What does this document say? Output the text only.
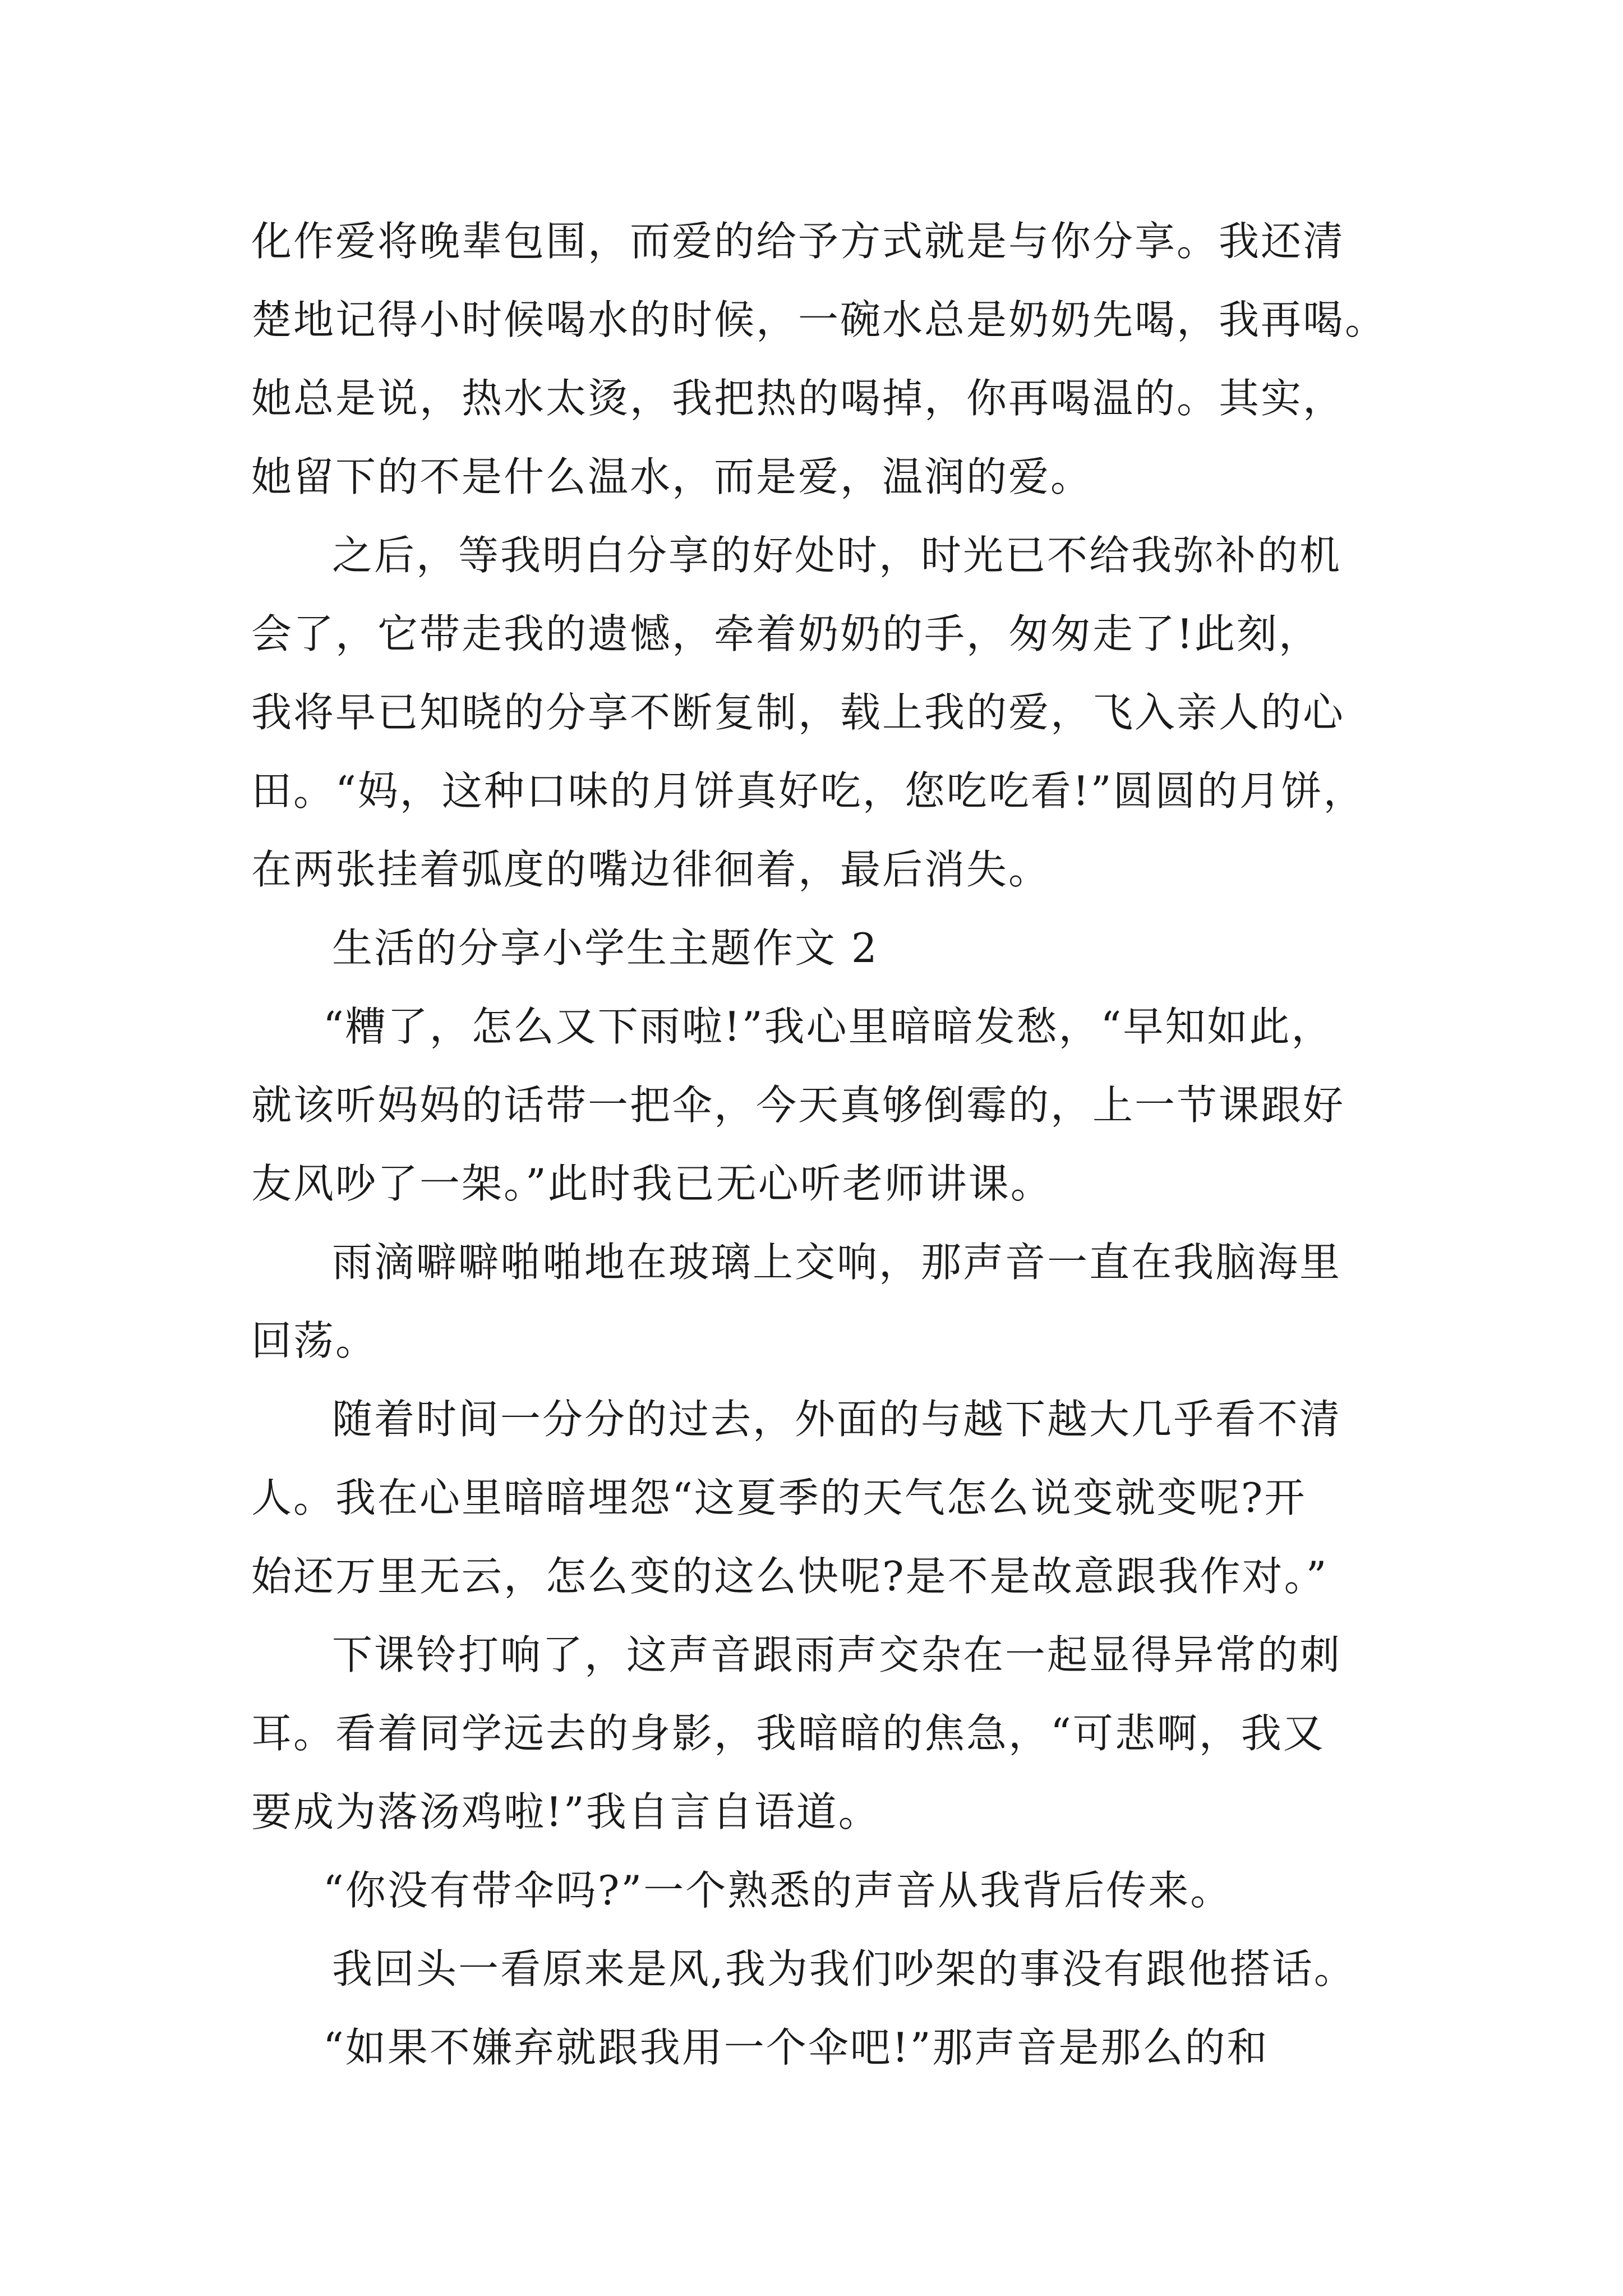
化作爱将晚辈包围，而爱的给予方式就是与你分享。我还清
楚地记得小时候喝水的时候，一碗水总是奶奶先喝，我再喝。
她总是说，热水太烫，我把热的喝掉，你再喝温的。其实，
她留下的不是什么温水，而是爱，温润的爱。
之后，等我明白分享的好处时，时光已不给我弥补的机
会了，它带走我的遗憾，牵着奶奶的手，匆匆走了!此刻，
我将早已知晓的分享不断复制，载上我的爱，飞入亲人的心
田。“妈，这种口味的月饼真好吃，您吃吃看!”圆圆的月饼，
在两张挂着弧度的嘴边徘徊着，最后消失。
生活的分享小学生主题作文 2
“糟了，怎么又下雨啦!”我心里暗暗发愁，“早知如此，
就该听妈妈的话带一把伞，今天真够倒霉的，上一节课跟好
友风吵了一架。”此时我已无心听老师讲课。
雨滴噼噼啪啪地在玻璃上交响，那声音一直在我脑海里
回荡。
随着时间一分分的过去，外面的与越下越大几乎看不清
人。我在心里暗暗埋怨“这夏季的天气怎么说变就变呢?开
始还万里无云，怎么变的这么快呢?是不是故意跟我作对。”
下课铃打响了，这声音跟雨声交杂在一起显得异常的刺
耳。看着同学远去的身影，我暗暗的焦急，“可悲啊，我又
要成为落汤鸡啦!”我自言自语道。
“你没有带伞吗?”一个熟悉的声音从我背后传来。
我回头一看原来是风,我为我们吵架的事没有跟他搭话。
“如果不嫌弃就跟我用一个伞吧!”那声音是那么的和
